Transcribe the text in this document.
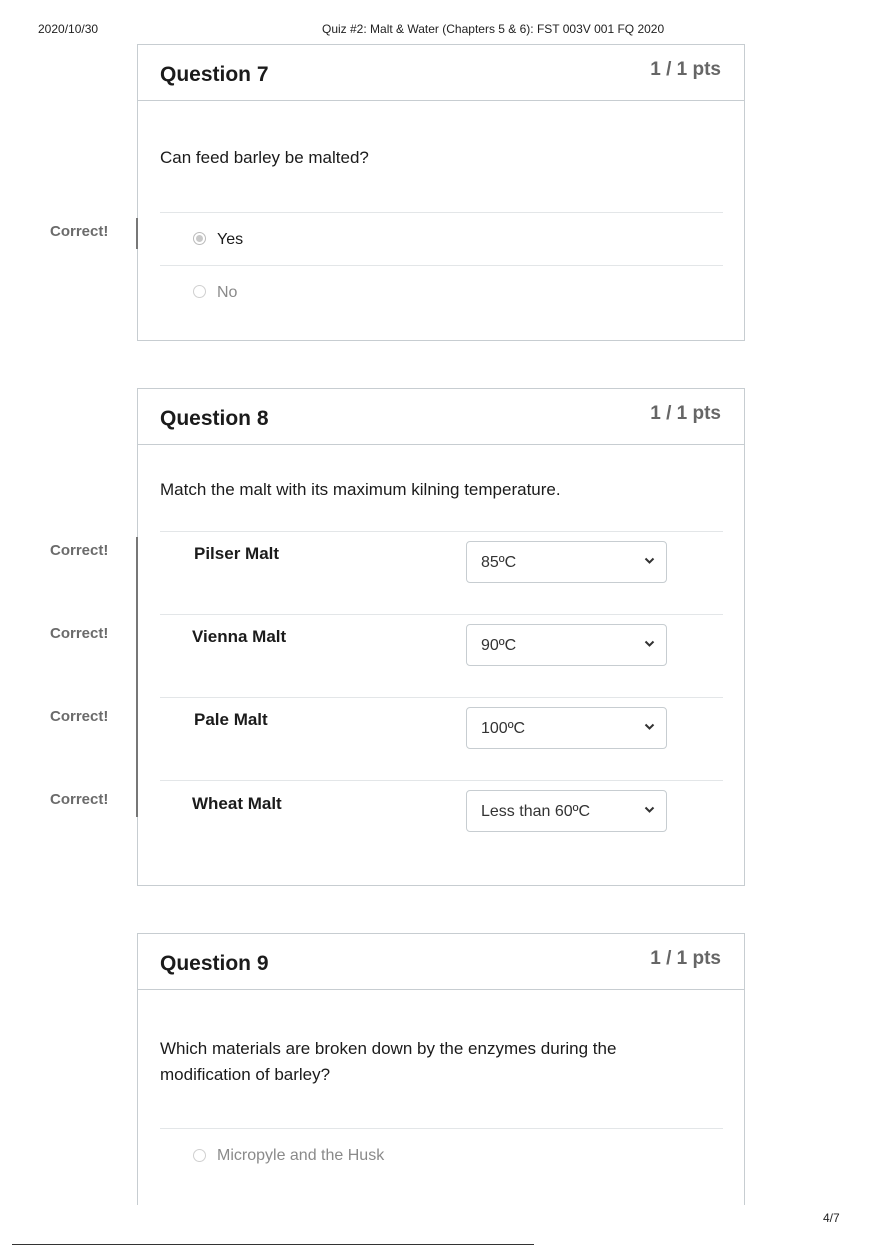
2020/10/30	Quiz #2: Malt & Water (Chapters 5 & 6): FST 003V 001 FQ 2020
Question 7	1 / 1 pts
Can feed barley be malted?
Yes
No
Correct!
Question 8	1 / 1 pts
Match the malt with its maximum kilning temperature.
Pilser Malt	85ºC
Vienna Malt	90ºC
Pale Malt	100ºC
Wheat Malt	Less than 60ºC
Correct!
Correct!
Correct!
Correct!
Question 9	1 / 1 pts
Which materials are broken down by the enzymes during the
modification of barley?
Micropyle and the Husk
4/7
